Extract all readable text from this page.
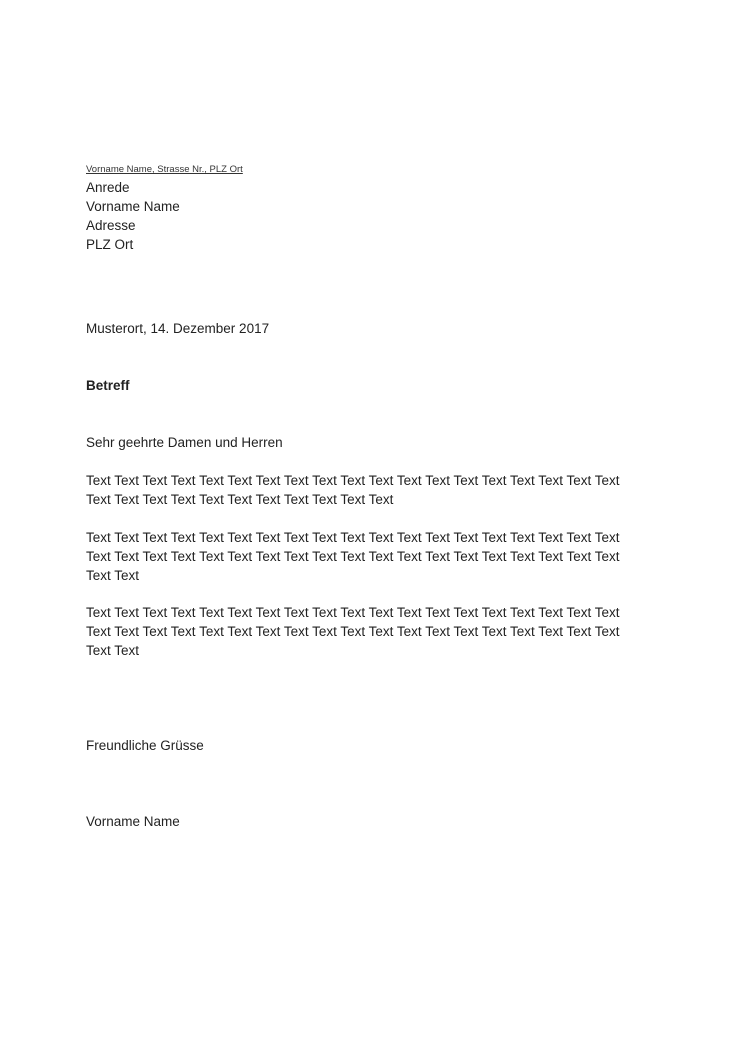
Vorname Name, Strasse Nr., PLZ Ort
Anrede
Vorname Name
Adresse
PLZ Ort
Musterort, 14. Dezember 2017
Betreff
Sehr geehrte Damen und Herren
Text Text Text Text Text Text Text Text Text Text Text Text Text Text Text Text Text Text Text
Text Text Text Text Text Text Text Text Text Text Text
Text Text Text Text Text Text Text Text Text Text Text Text Text Text Text Text Text Text Text
Text Text Text Text Text Text Text Text Text Text Text Text Text Text Text Text Text Text Text
Text Text
Text Text Text Text Text Text Text Text Text Text Text Text Text Text Text Text Text Text Text
Text Text Text Text Text Text Text Text Text Text Text Text Text Text Text Text Text Text Text
Text Text
Freundliche Grüsse
Vorname Name
